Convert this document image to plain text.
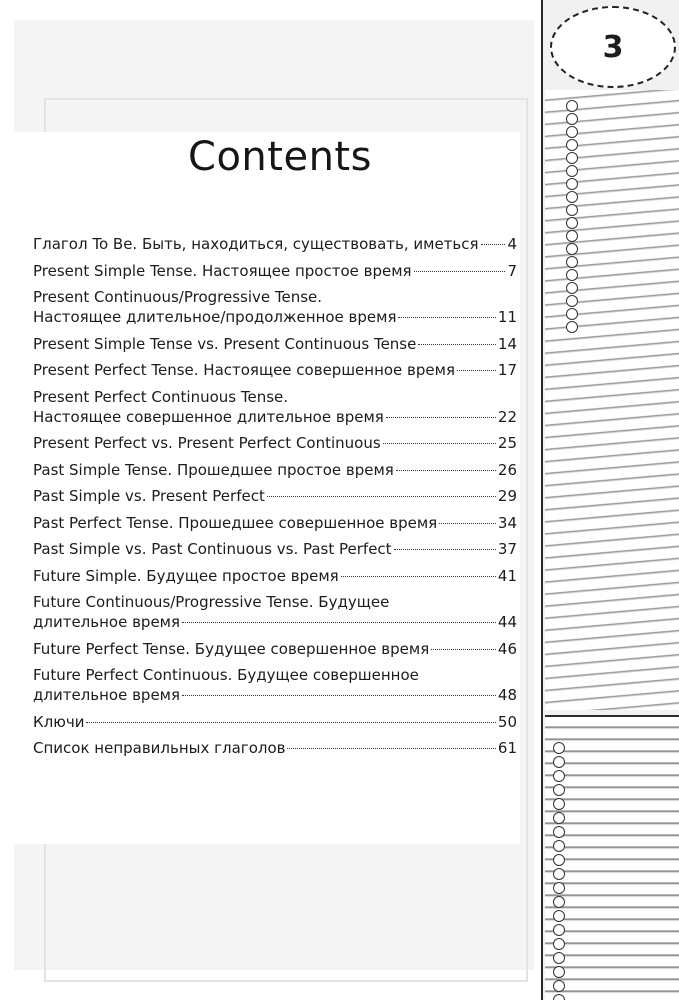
3
Contents
Глагол To Be. Быть, находиться, существовать, иметься 4
Present Simple Tense. Настоящее простое время	7
Present Continuous/Progressive Tense.
Настоящее длительное/продолженное время	11
Present Simple Tense vs. Present Continuous Tense	14
Present Perfect Tense. Настоящее совершенное время	17
Present Perfect Continuous Tense.
Настоящее совершенное длительное время	22
Present Perfect vs. Present Perfect Continuous	25
Past Simple Tense. Прошедшее простое время	26
Past Simple vs. Present Perfect	29
Past Perfect Tense. Прошедшее совершенное время	34
Past Simple vs. Past Continuous vs. Past Perfect	37
Future Simple. Будущее простое время	41
Future Continuous/Progressive Tense. Будущее
длительное время	44
Future Perfect Tense. Будущее совершенное время	46
Future Perfect Continuous. Будущее совершенное
длительное время	48
Ключи	50
Список неправильных глаголов	61
